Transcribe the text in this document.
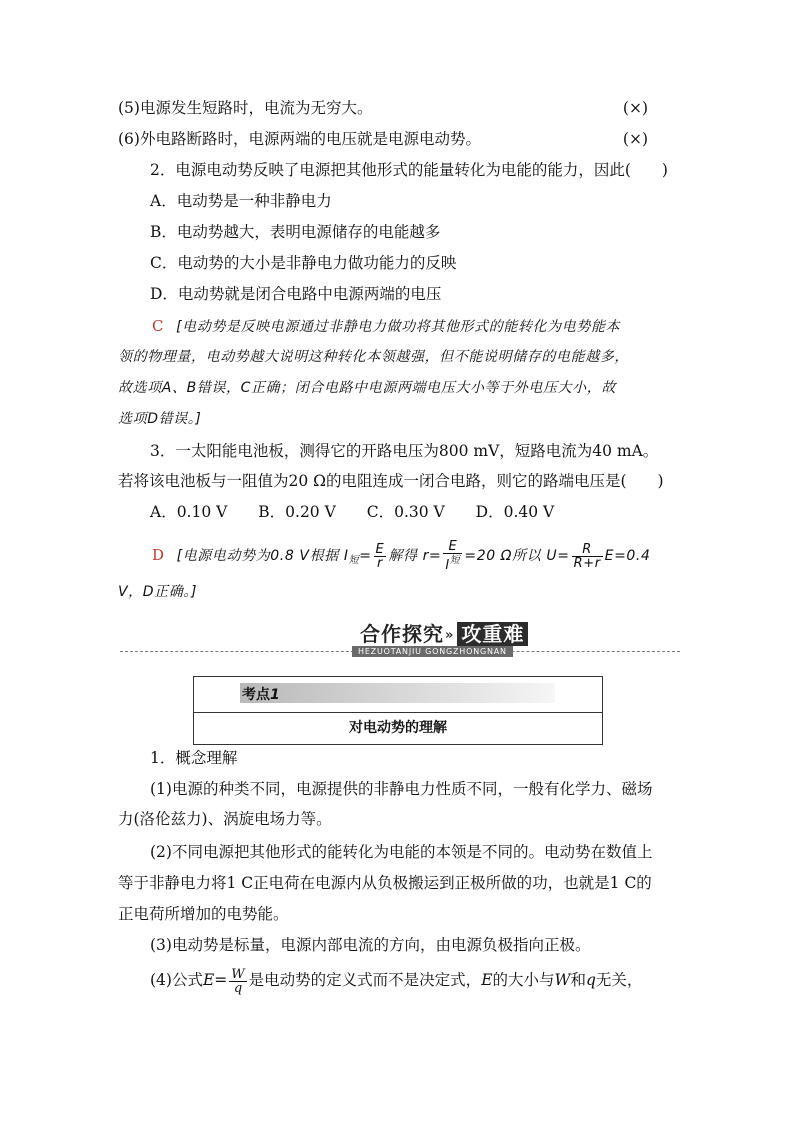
(5)电源发生短路时，电流为无穷大。	(×)
(6)外电路断路时，电源两端的电压就是电源电动势。	(×)
2．电源电动势反映了电源把其他形式的能量转化为电能的能力，因此(　　)
A．电动势是一种非静电力
B．电动势越大，表明电源储存的电能越多
C．电动势的大小是非静电力做功能力的反映
D．电动势就是闭合电路中电源两端的电压
C [电动势是反映电源通过非静电力做功将其他形式的能转化为电势能本
领的物理量，电动势越大说明这种转化本领越强，但不能说明储存的电能越多，
故选项A、B错误，C正确；闭合电路中电源两端电压大小等于外电压大小，故
选项D错误。]
3．一太阳能电池板，测得它的开路电压为800 mV，短路电流为40 mA。
若将该电池板与一阻值为20 Ω的电阻连成一闭合电路，则它的路端电压是(　　)
A．0.10 V B．0.20 V C．0.30 V D．0.40 V
D [电源电动势为0.8 V根据 $I_短= \frac{E}{r}$ 解得 $r= \frac{E}{I^短} =20$ Ω所以 $U= \frac{R}{R+r} E=0.4$
V，D正确。]
合作探究» 攻重难
HEZUOTANJIU GONGZHONGNAN
考点1
对电动势的理解
1．概念理解
(1)电源的种类不同，电源提供的非静电力性质不同，一般有化学力、磁场
力(洛伦兹力)、涡旋电场力等。
(2)不同电源把其他形式的能转化为电能的本领是不同的。电动势在数值上
等于非静电力将1 C正电荷在电源内从负极搬运到正极所做的功，也就是1 C的
正电荷所增加的电势能。
(3)电动势是标量，电源内部电流的方向，由电源负极指向正极。
(4)公式$E= \frac{W}{q}$ 是电动势的定义式而不是决定式，E的大小与W和q无关，
